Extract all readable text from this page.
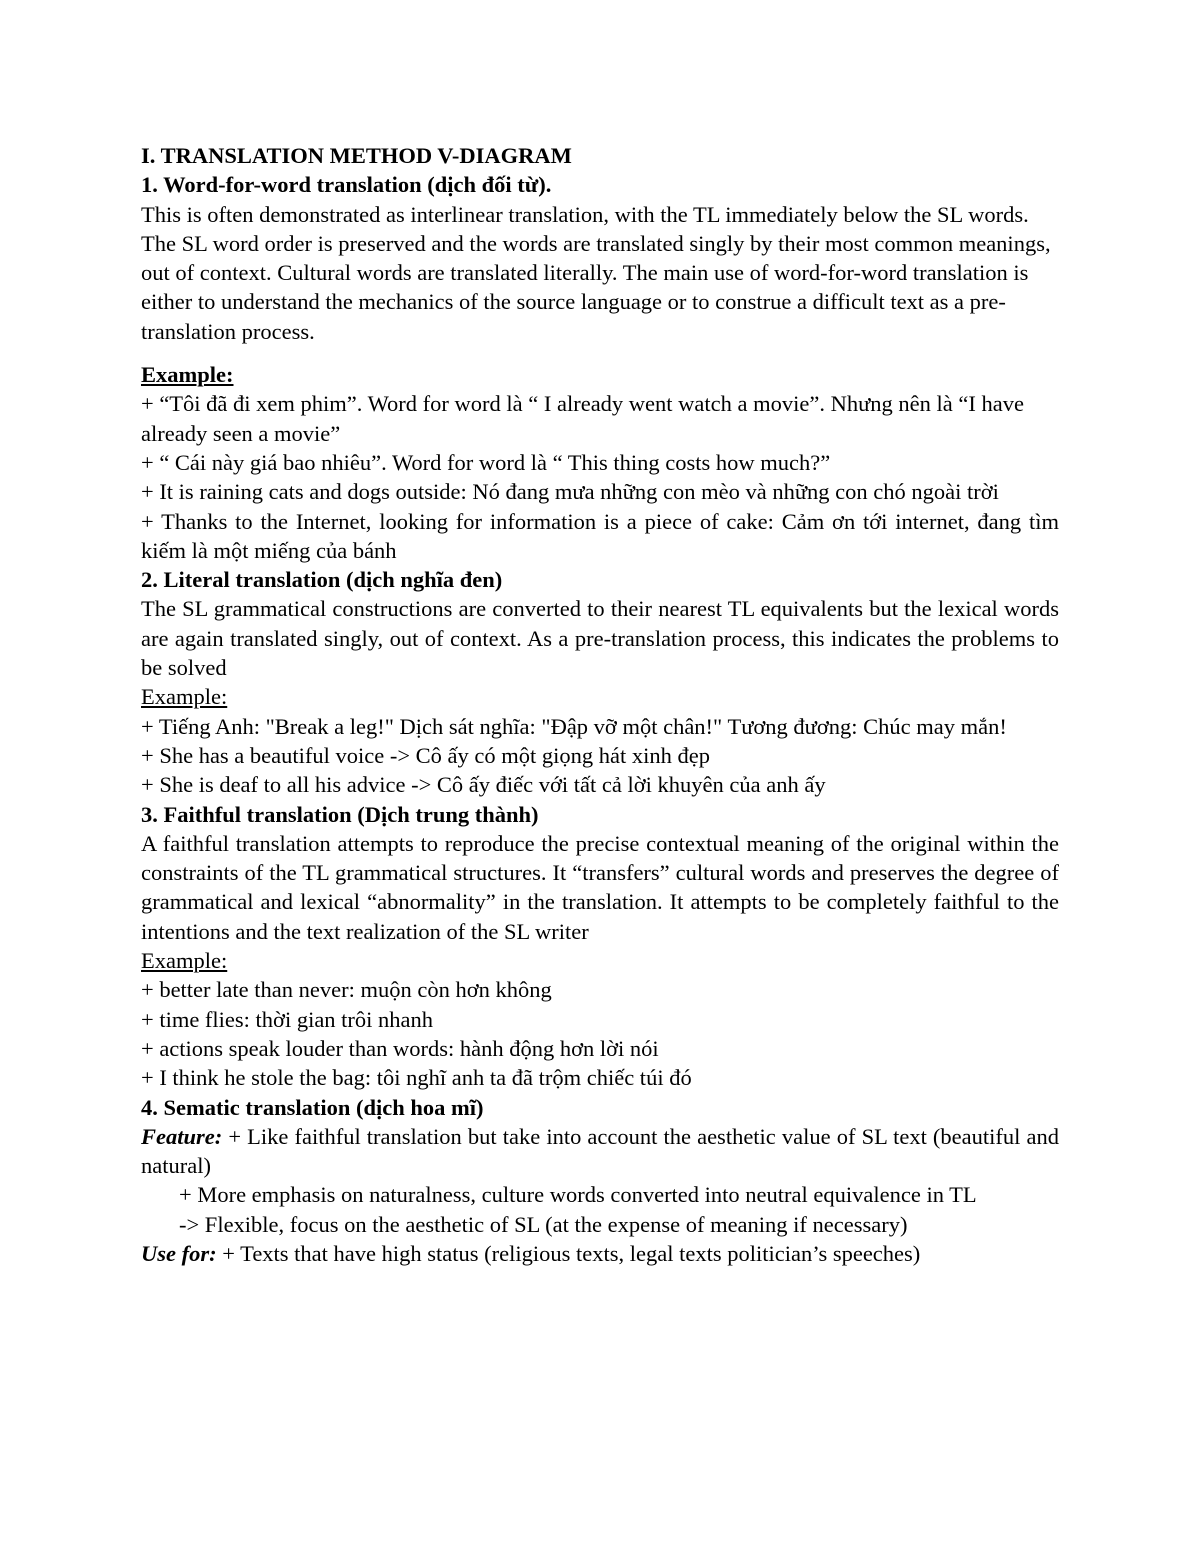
I. TRANSLATION METHOD V-DIAGRAM

1. Word-for-word translation (dịch đối từ).

This is often demonstrated as interlinear translation, with the TL immediately below the SL words. The SL word order is preserved and the words are translated singly by their most common meanings, out of context. Cultural words are translated literally. The main use of word-for-word translation is either to understand the mechanics of the source language or to construe a difficult text as a pre-translation process.

Example:

+ “Tôi đã đi xem phim”. Word for word là “ I already went watch a movie”. Nhưng nên là “I have already seen a movie”

+ “ Cái này giá bao nhiêu”. Word for word là “ This thing costs how much?”

+ It is raining cats and dogs outside: Nó đang mưa những con mèo và những con chó ngoài trời

+ Thanks to the Internet, looking for information is a piece of cake: Cảm ơn tới internet, đang tìm kiếm là một miếng của bánh

2. Literal translation (dịch nghĩa đen)

The SL grammatical constructions are converted to their nearest TL equivalents but the lexical words are again translated singly, out of context. As a pre-translation process, this indicates the problems to be solved

Example:

+ Tiếng Anh: "Break a leg!" Dịch sát nghĩa: "Đập vỡ một chân!" Tương đương: Chúc may mắn!

+ She has a beautiful voice -> Cô ấy có một giọng hát xinh đẹp

+ She is deaf to all his advice -> Cô ấy điếc với tất cả lời khuyên của anh ấy

3. Faithful translation (Dịch trung thành)

A faithful translation attempts to reproduce the precise contextual meaning of the original within the constraints of the TL grammatical structures. It “transfers” cultural words and preserves the degree of grammatical and lexical “abnormality” in the translation. It attempts to be completely faithful to the intentions and the text realization of the SL writer

Example:

+ better late than never: muộn còn hơn không

+ time flies: thời gian trôi nhanh

+ actions speak louder than words: hành động hơn lời nói

+ I think he stole the bag: tôi nghĩ anh ta đã trộm chiếc túi đó

4. Sematic translation (dịch hoa mĩ)

Feature: + Like faithful translation but take into account the aesthetic value of SL text (beautiful and natural)

+ More emphasis on naturalness, culture words converted into neutral equivalence in TL

-> Flexible, focus on the aesthetic of SL (at the expense of meaning if necessary)

Use for: + Texts that have high status (religious texts, legal texts politician’s speeches)
